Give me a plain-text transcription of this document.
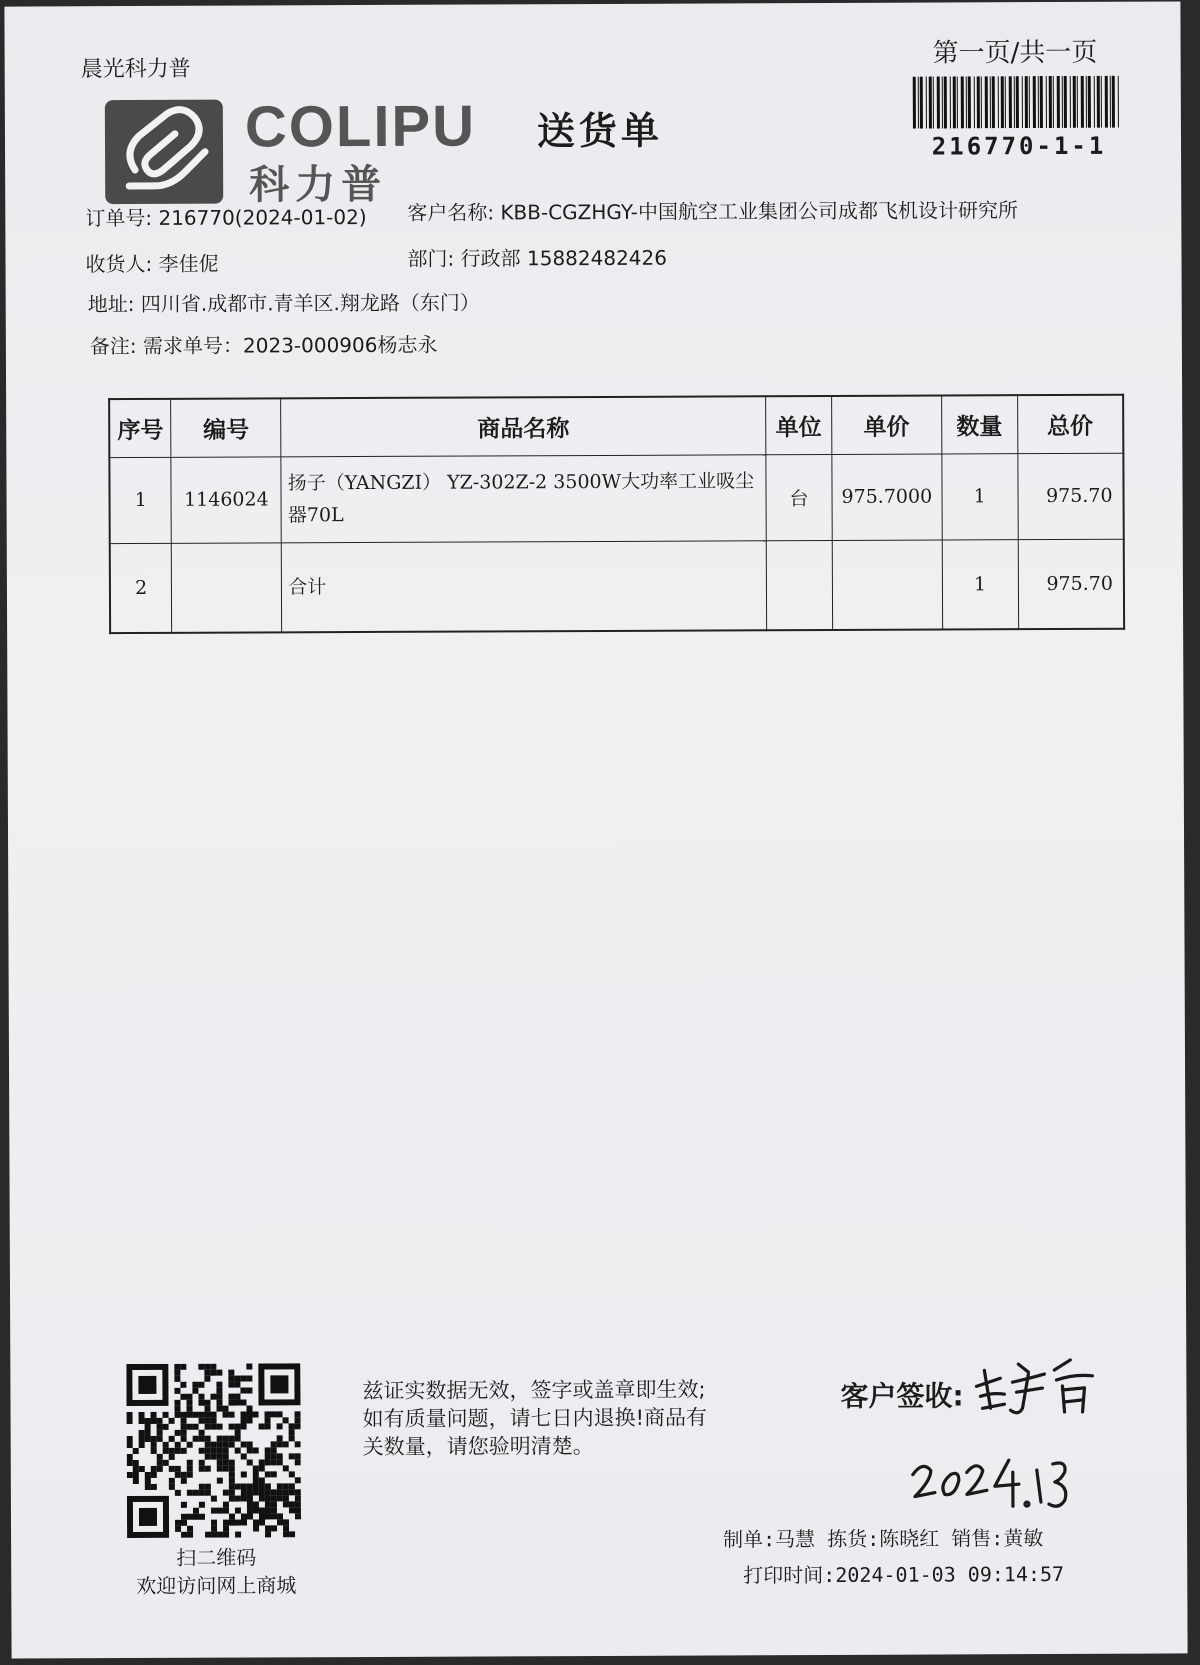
晨光科力普
COLIPU
科力普
送货单
第一页/共一页
216770-1-1
订单号: 216770(2024-01-02) 客户名称: KBB-CGZHGY-中国航空工业集团公司成都飞机设计研究所
收货人: 李佳伲	部门: 行政部 15882482426
地址: 四川省.成都市.青羊区.翔龙路（东门）
备注: 需求单号：2023-000906杨志永
序号	编号	商品名称	单位	单价	数量	总价
1	1146024	扬子（YANGZI） YZ-302Z-2 3500W大功率工业吸尘器70L	台	975.7000	1	975.70
2		合计			1	975.70
扫二维码
欢迎访问网上商城
兹证实数据无效，签字或盖章即生效;
如有质量问题，请七日内退换!商品有
关数量，请您验明清楚。
客户签收:
制单:马慧 拣货:陈晓红 销售:黄敏
打印时间:2024-01-03 09:14:57
